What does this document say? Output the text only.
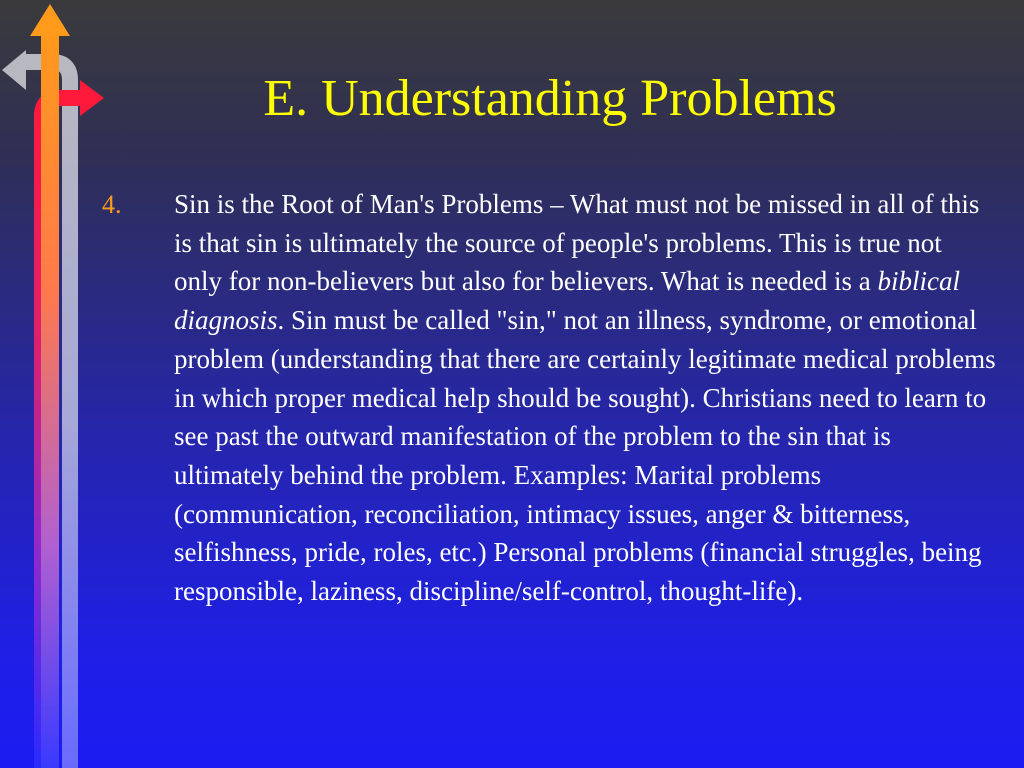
E. Understanding Problems
4. Sin is the Root of Man's Problems – What must not be missed in all of this is that sin is ultimately the source of people's problems. This is true not only for non-believers but also for believers. What is needed is a biblical diagnosis. Sin must be called "sin," not an illness, syndrome, or emotional problem (understanding that there are certainly legitimate medical problems in which proper medical help should be sought). Christians need to learn to see past the outward manifestation of the problem to the sin that is ultimately behind the problem. Examples: Marital problems (communication, reconciliation, intimacy issues, anger & bitterness, selfishness, pride, roles, etc.) Personal problems (financial struggles, being responsible, laziness, discipline/self-control, thought-life).
